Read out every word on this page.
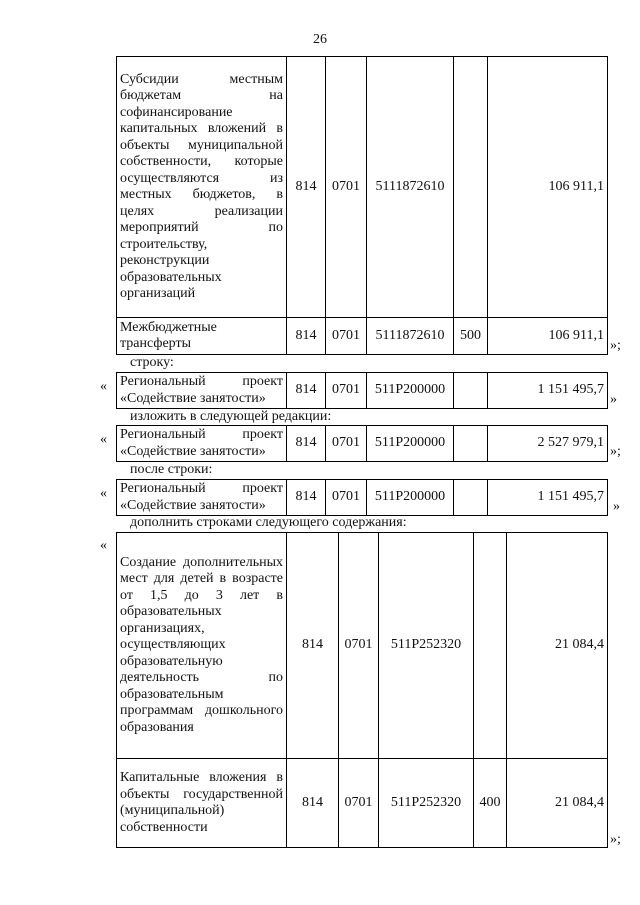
26
Субсидии местным бюджетам на софинансирование капитальных вложений в объекты муниципальной собственности, которые осуществляются из местных бюджетов, в целях реализации мероприятий по строительству, реконструкции образовательных организаций	814	0701	5111872610		106 911,1
Межбюджетные трансферты	814	0701	5111872610	500	106 911,1
»;
строку:
« Региональный проект «Содействие занятости»	814	0701	511P200000		1 151 495,7
»
изложить в следующей редакции:
« Региональный проект «Содействие занятости»	814	0701	511P200000		2 527 979,1
»;
после строки:
« Региональный проект «Содействие занятости»	814	0701	511P200000		1 151 495,7
»
дополнить строками следующего содержания:
«
Создание дополнительных мест для детей в возрасте от 1,5 до 3 лет в образовательных организациях, осуществляющих образовательную деятельность по образовательным программам дошкольного образования	814	0701	511P252320		21 084,4
Капитальные вложения в объекты государственной (муниципальной) собственности	814	0701	511P252320	400	21 084,4
»;
